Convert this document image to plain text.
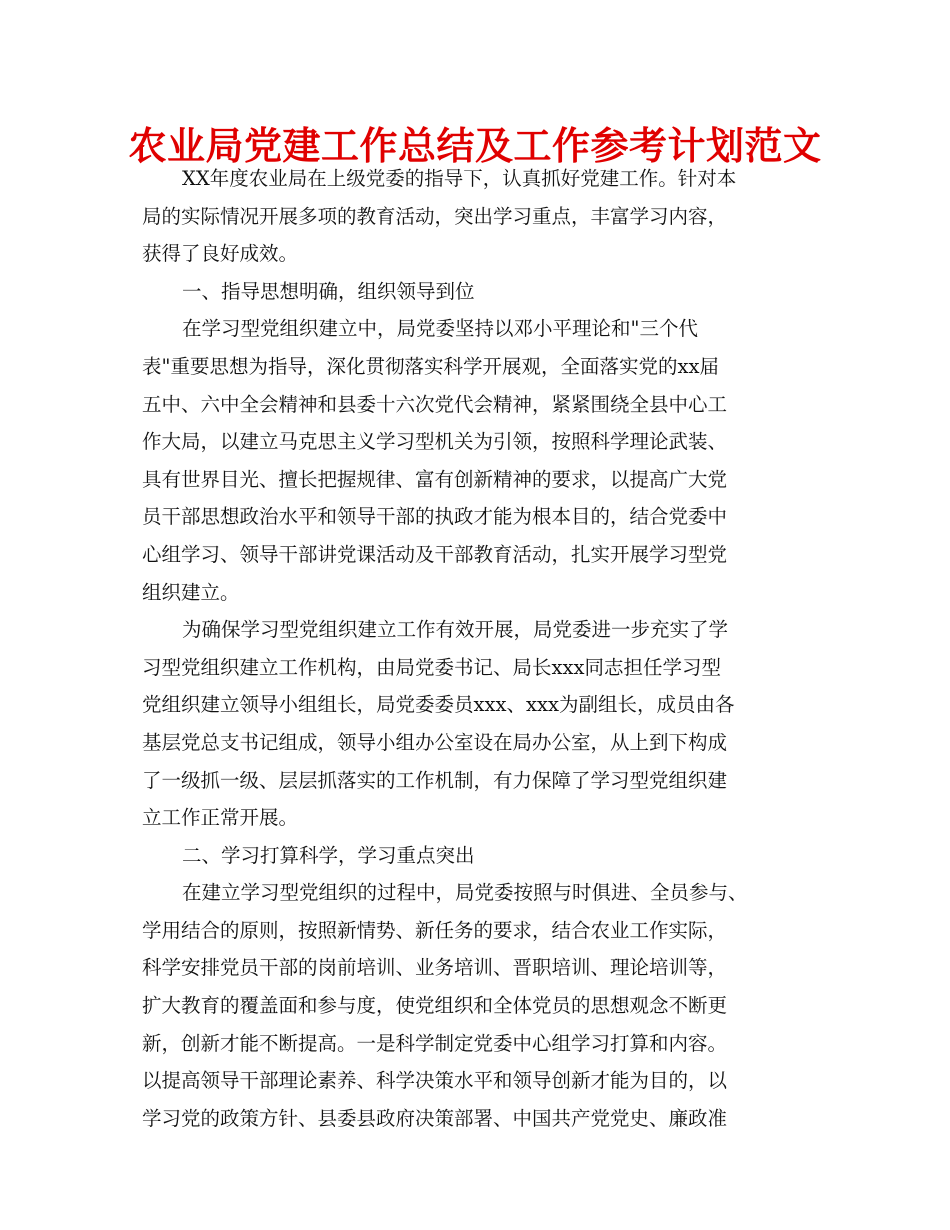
农业局党建工作总结及工作参考计划范文
XX年度农业局在上级党委的指导下，认真抓好党建工作。针对本
局的实际情况开展多项的教育活动，突出学习重点，丰富学习内容，
获得了良好成效。
一、指导思想明确，组织领导到位
在学习型党组织建立中，局党委坚持以邓小平理论和"三个代
表"重要思想为指导，深化贯彻落实科学开展观，全面落实党的xx届
五中、六中全会精神和县委十六次党代会精神，紧紧围绕全县中心工
作大局，以建立马克思主义学习型机关为引领，按照科学理论武装、
具有世界目光、擅长把握规律、富有创新精神的要求，以提高广大党
员干部思想政治水平和领导干部的执政才能为根本目的，结合党委中
心组学习、领导干部讲党课活动及干部教育活动，扎实开展学习型党
组织建立。
为确保学习型党组织建立工作有效开展，局党委进一步充实了学
习型党组织建立工作机构，由局党委书记、局长xxx同志担任学习型
党组织建立领导小组组长，局党委委员xxx、xxx为副组长，成员由各
基层党总支书记组成，领导小组办公室设在局办公室，从上到下构成
了一级抓一级、层层抓落实的工作机制，有力保障了学习型党组织建
立工作正常开展。
二、学习打算科学，学习重点突出
在建立学习型党组织的过程中，局党委按照与时俱进、全员参与、
学用结合的原则，按照新情势、新任务的要求，结合农业工作实际，
科学安排党员干部的岗前培训、业务培训、晋职培训、理论培训等，
扩大教育的覆盖面和参与度，使党组织和全体党员的思想观念不断更
新，创新才能不断提高。一是科学制定党委中心组学习打算和内容。
以提高领导干部理论素养、科学决策水平和领导创新才能为目的，以
学习党的政策方针、县委县政府决策部署、中国共产党党史、廉政准
